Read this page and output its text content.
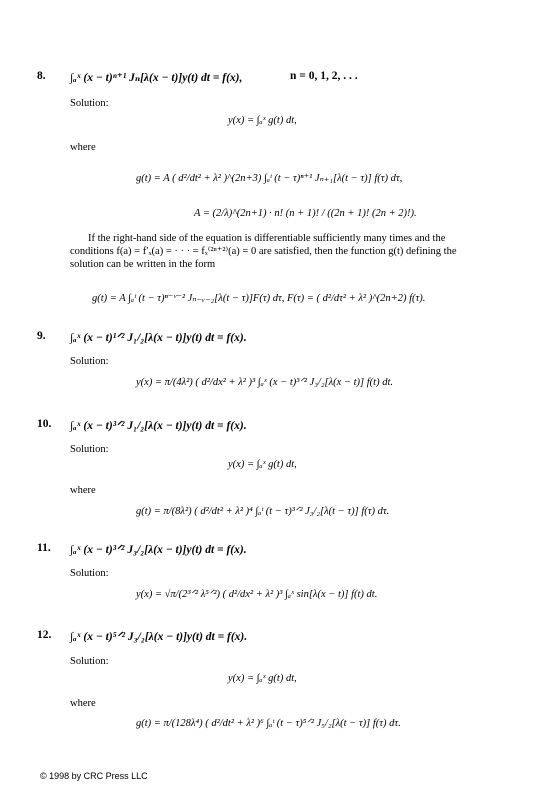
8. ∫ₐˣ (x − t)ⁿ⁺¹ Jₙ[λ(x − t)]y(t) dt = f(x),	n = 0, 1, 2, . . .
Solution:
y(x) = ∫ₐˣ g(t) dt,
where
g(t) = A ( d²/dt² + λ² )^(2n+3) ∫ₐᵗ (t − τ)ⁿ⁺¹ Jₙ₊₁[λ(t − τ)] f(τ) dτ,
A = (2/λ)^(2n+1) · n! (n + 1)! / ((2n + 1)! (2n + 2)!).
If the right-hand side of the equation is differentiable sufficiently many times and the conditions f(a) = f′ₓ(a) = · · · = fₓ⁽²ⁿ⁺²⁾(a) = 0 are satisfied, then the function g(t) defining the solution can be written in the form
g(t) = A ∫ₐᵗ (t − τ)ⁿ⁻ᵛ⁻² Jₙ₋ᵥ₋₂[λ(t − τ)]F(τ) dτ, F(τ) = ( d²/dτ² + λ² )^(2n+2) f(τ).
9. ∫ₐˣ (x − t)¹ᐟ² J₁/₂[λ(x − t)]y(t) dt = f(x).
Solution:
y(x) = π/(4λ²) ( d²/dx² + λ² )³ ∫ₐˣ (x − t)³ᐟ² J₃/₂[λ(x − t)] f(t) dt.
10. ∫ₐˣ (x − t)³ᐟ² J₁/₂[λ(x − t)]y(t) dt = f(x).
Solution:
y(x) = ∫ₐˣ g(t) dt,
where
g(t) = π/(8λ²) ( d²/dt² + λ² )⁴ ∫ₐᵗ (t − τ)³ᐟ² J₃/₂[λ(t − τ)] f(τ) dτ.
11. ∫ₐˣ (x − t)³ᐟ² J₃/₂[λ(x − t)]y(t) dt = f(x).
Solution:
y(x) = √π/(2³ᐟ² λ⁵ᐟ²) ( d²/dx² + λ² )³ ∫ₐˣ sin[λ(x − t)] f(t) dt.
12. ∫ₐˣ (x − t)⁵ᐟ² J₃/₂[λ(x − t)]y(t) dt = f(x).
Solution:
y(x) = ∫ₐˣ g(t) dt,
where
g(t) = π/(128λ⁴) ( d²/dt² + λ² )⁶ ∫ₐᵗ (t − τ)⁵ᐟ² J₅/₂[λ(t − τ)] f(τ) dτ.
© 1998 by CRC Press LLC
